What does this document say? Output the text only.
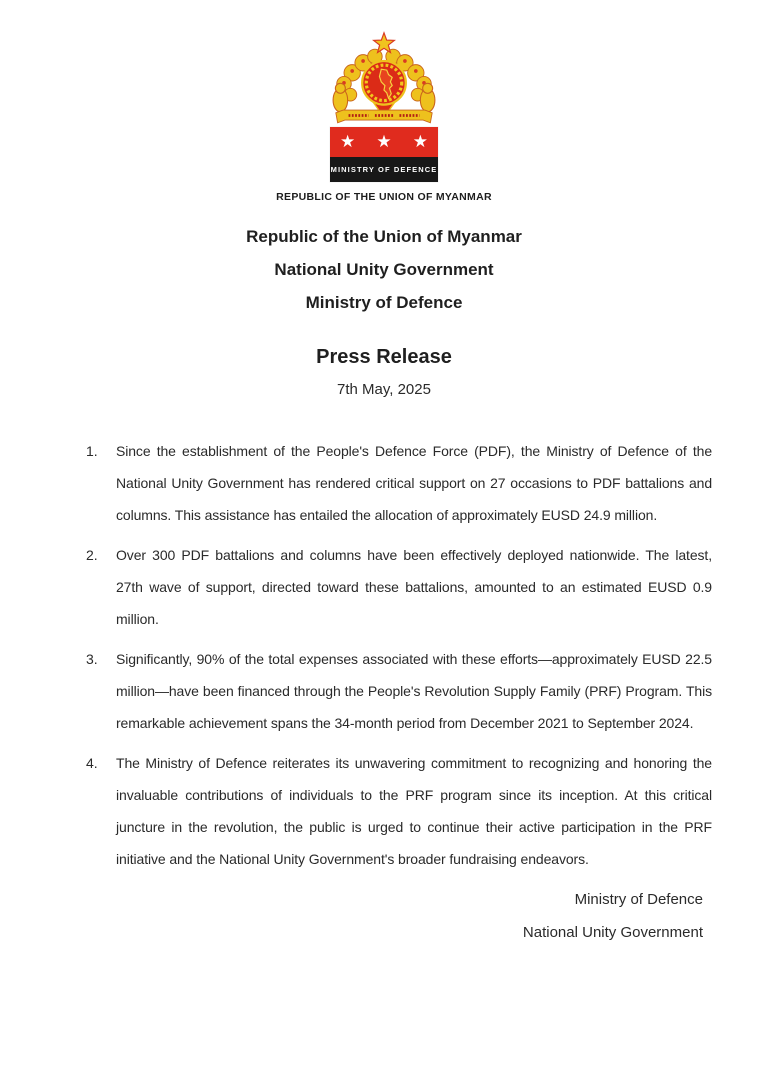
★ ★ ★
MINISTRY OF DEFENCE
REPUBLIC OF THE UNION OF MYANMAR
Republic of the Union of Myanmar
National Unity Government
Ministry of Defence
Press Release
7th May, 2025
1.	Since the establishment of the People's Defence Force (PDF), the Ministry of Defence of the National Unity Government has rendered critical support on 27 occasions to PDF battalions and columns. This assistance has entailed the allocation of approximately EUSD 24.9 million.
2.	Over 300 PDF battalions and columns have been effectively deployed nationwide. The latest, 27th wave of support, directed toward these battalions, amounted to an estimated EUSD 0.9 million.
3.	Significantly, 90% of the total expenses associated with these efforts—approximately EUSD 22.5 million—have been financed through the People's Revolution Supply Family (PRF) Program. This remarkable achievement spans the 34-month period from December 2021 to September 2024.
4.	The Ministry of Defence reiterates its unwavering commitment to recognizing and honoring the invaluable contributions of individuals to the PRF program since its inception. At this critical juncture in the revolution, the public is urged to continue their active participation in the PRF initiative and the National Unity Government's broader fundraising endeavors.
Ministry of Defence
National Unity Government
